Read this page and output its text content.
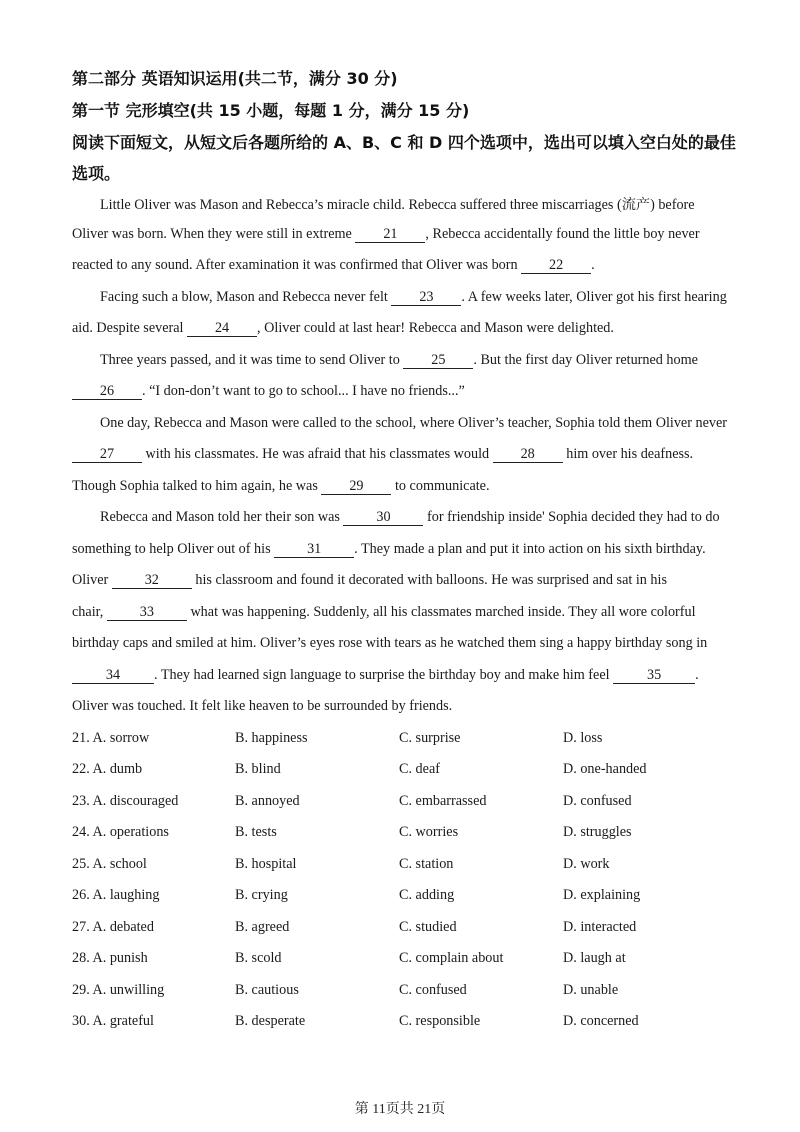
第二部分 英语知识运用(共二节，满分 30 分)
第一节 完形填空(共 15 小题，每题 1 分，满分 15 分)
阅读下面短文，从短文后各题所给的 A、B、C 和 D 四个选项中，选出可以填入空白处的最佳
选项。
Little Oliver was Mason and Rebecca’s miracle child. Rebecca suffered three miscarriages (流产) before
Oliver was born. When they were still in extreme 21 , Rebecca accidentally found the little boy never
reacted to any sound. After examination it was confirmed that Oliver was born 22 .
Facing such a blow, Mason and Rebecca never felt 23 . A few weeks later, Oliver got his first hearing
aid. Despite several 24 , Oliver could at last hear! Rebecca and Mason were delighted.
Three years passed, and it was time to send Oliver to 25 . But the first day Oliver returned home
26 . “I don-don’t want to go to school... I have no friends...”
One day, Rebecca and Mason were called to the school, where Oliver’s teacher, Sophia told them Oliver never
27 with his classmates. He was afraid that his classmates would 28 him over his deafness.
Though Sophia talked to him again, he was 29 to communicate.
Rebecca and Mason told her their son was 30 for friendship inside' Sophia decided they had to do
something to help Oliver out of his 31 . They made a plan and put it into action on his sixth birthday.
Oliver 32 his classroom and found it decorated with balloons. He was surprised and sat in his
chair, 33 what was happening. Suddenly, all his classmates marched inside. They all wore colorful
birthday caps and smiled at him. Oliver’s eyes rose with tears as he watched them sing a happy birthday song in
34 . They had learned sign language to surprise the birthday boy and make him feel 35 .
Oliver was touched. It felt like heaven to be surrounded by friends.
21. A. sorrow	B. happiness	C. surprise	D. loss
22. A. dumb	B. blind	C. deaf	D. one-handed
23. A. discouraged	B. annoyed	C. embarrassed	D. confused
24. A. operations	B. tests	C. worries	D. struggles
25. A. school	B. hospital	C. station	D. work
26. A. laughing	B. crying	C. adding	D. explaining
27. A. debated	B. agreed	C. studied	D. interacted
28. A. punish	B. scold	C. complain about	D. laugh at
29. A. unwilling	B. cautious	C. confused	D. unable
30. A. grateful	B. desperate	C. responsible	D. concerned
第 11页共 21页
